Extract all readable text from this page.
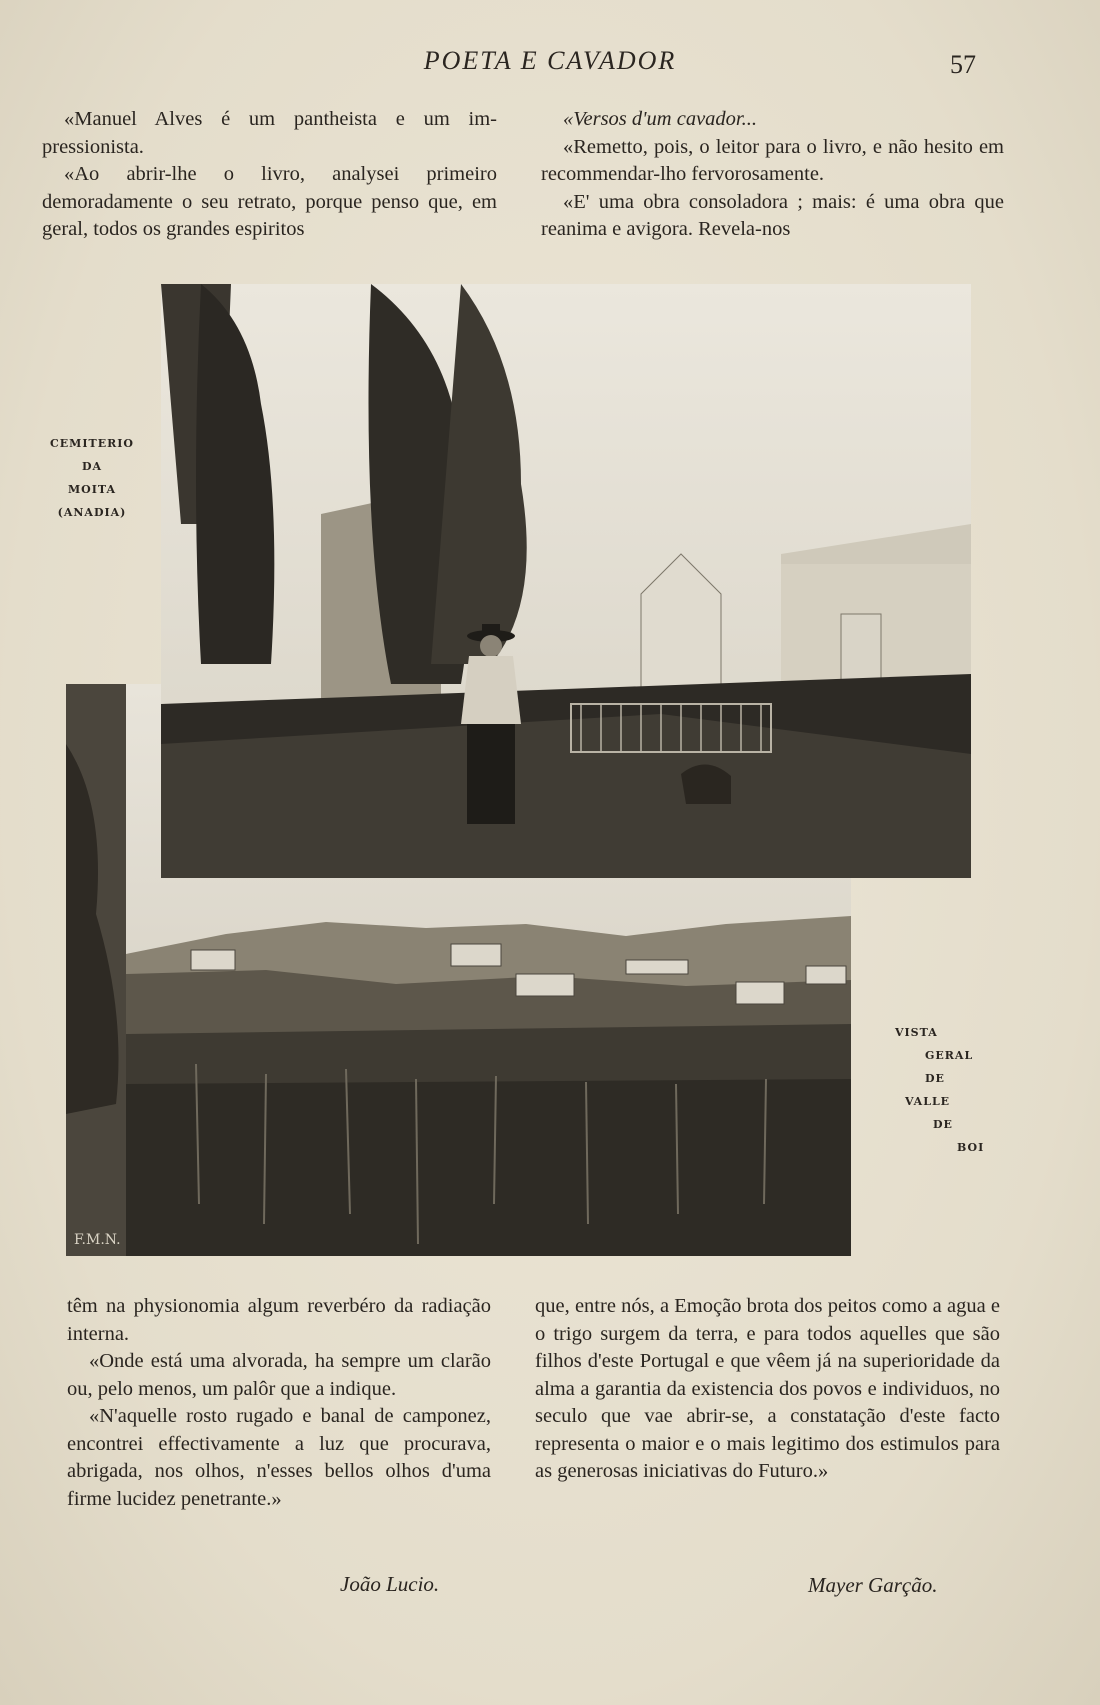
POETA E CAVADOR	57

«Manuel Alves é um pantheista e um im-pressionista.

«Ao abrir-lhe o livro, analysei primeiro demoradamente o seu retrato, porque penso que, em geral, todos os grandes espiritos

«Versos d'um cavador...

«Remetto, pois, o leitor para o livro, e não hesito em recommendar-lho fervorosamente.

«E' uma obra consoladora ; mais: é uma obra que reanima e avigora. Revela-nos

F.M.N.
CEMITERIO
DA
MOITA
(ANADIA)
VISTA
GERAL
DE
VALLE
DE
BOI

têm na physionomia algum reverbéro da radiação interna.

«Onde está uma alvorada, ha sempre um clarão ou, pelo menos, um palôr que a indique.

«N'aquelle rosto rugado e banal de camponez, encontrei effectivamente a luz que procurava, abrigada, nos olhos, n'esses bellos olhos d'uma firme lucidez penetrante.»

que, entre nós, a Emoção brota dos peitos como a agua e o trigo surgem da terra, e para todos aquelles que são filhos d'este Portugal e que vêem já na superioridade da alma a garantia da existencia dos povos e individuos, no seculo que vae abrir-se, a constatação d'este facto representa o maior e o mais legitimo dos estimulos para as generosas iniciativas do Futuro.»

João Lucio.	Mayer Garção.
